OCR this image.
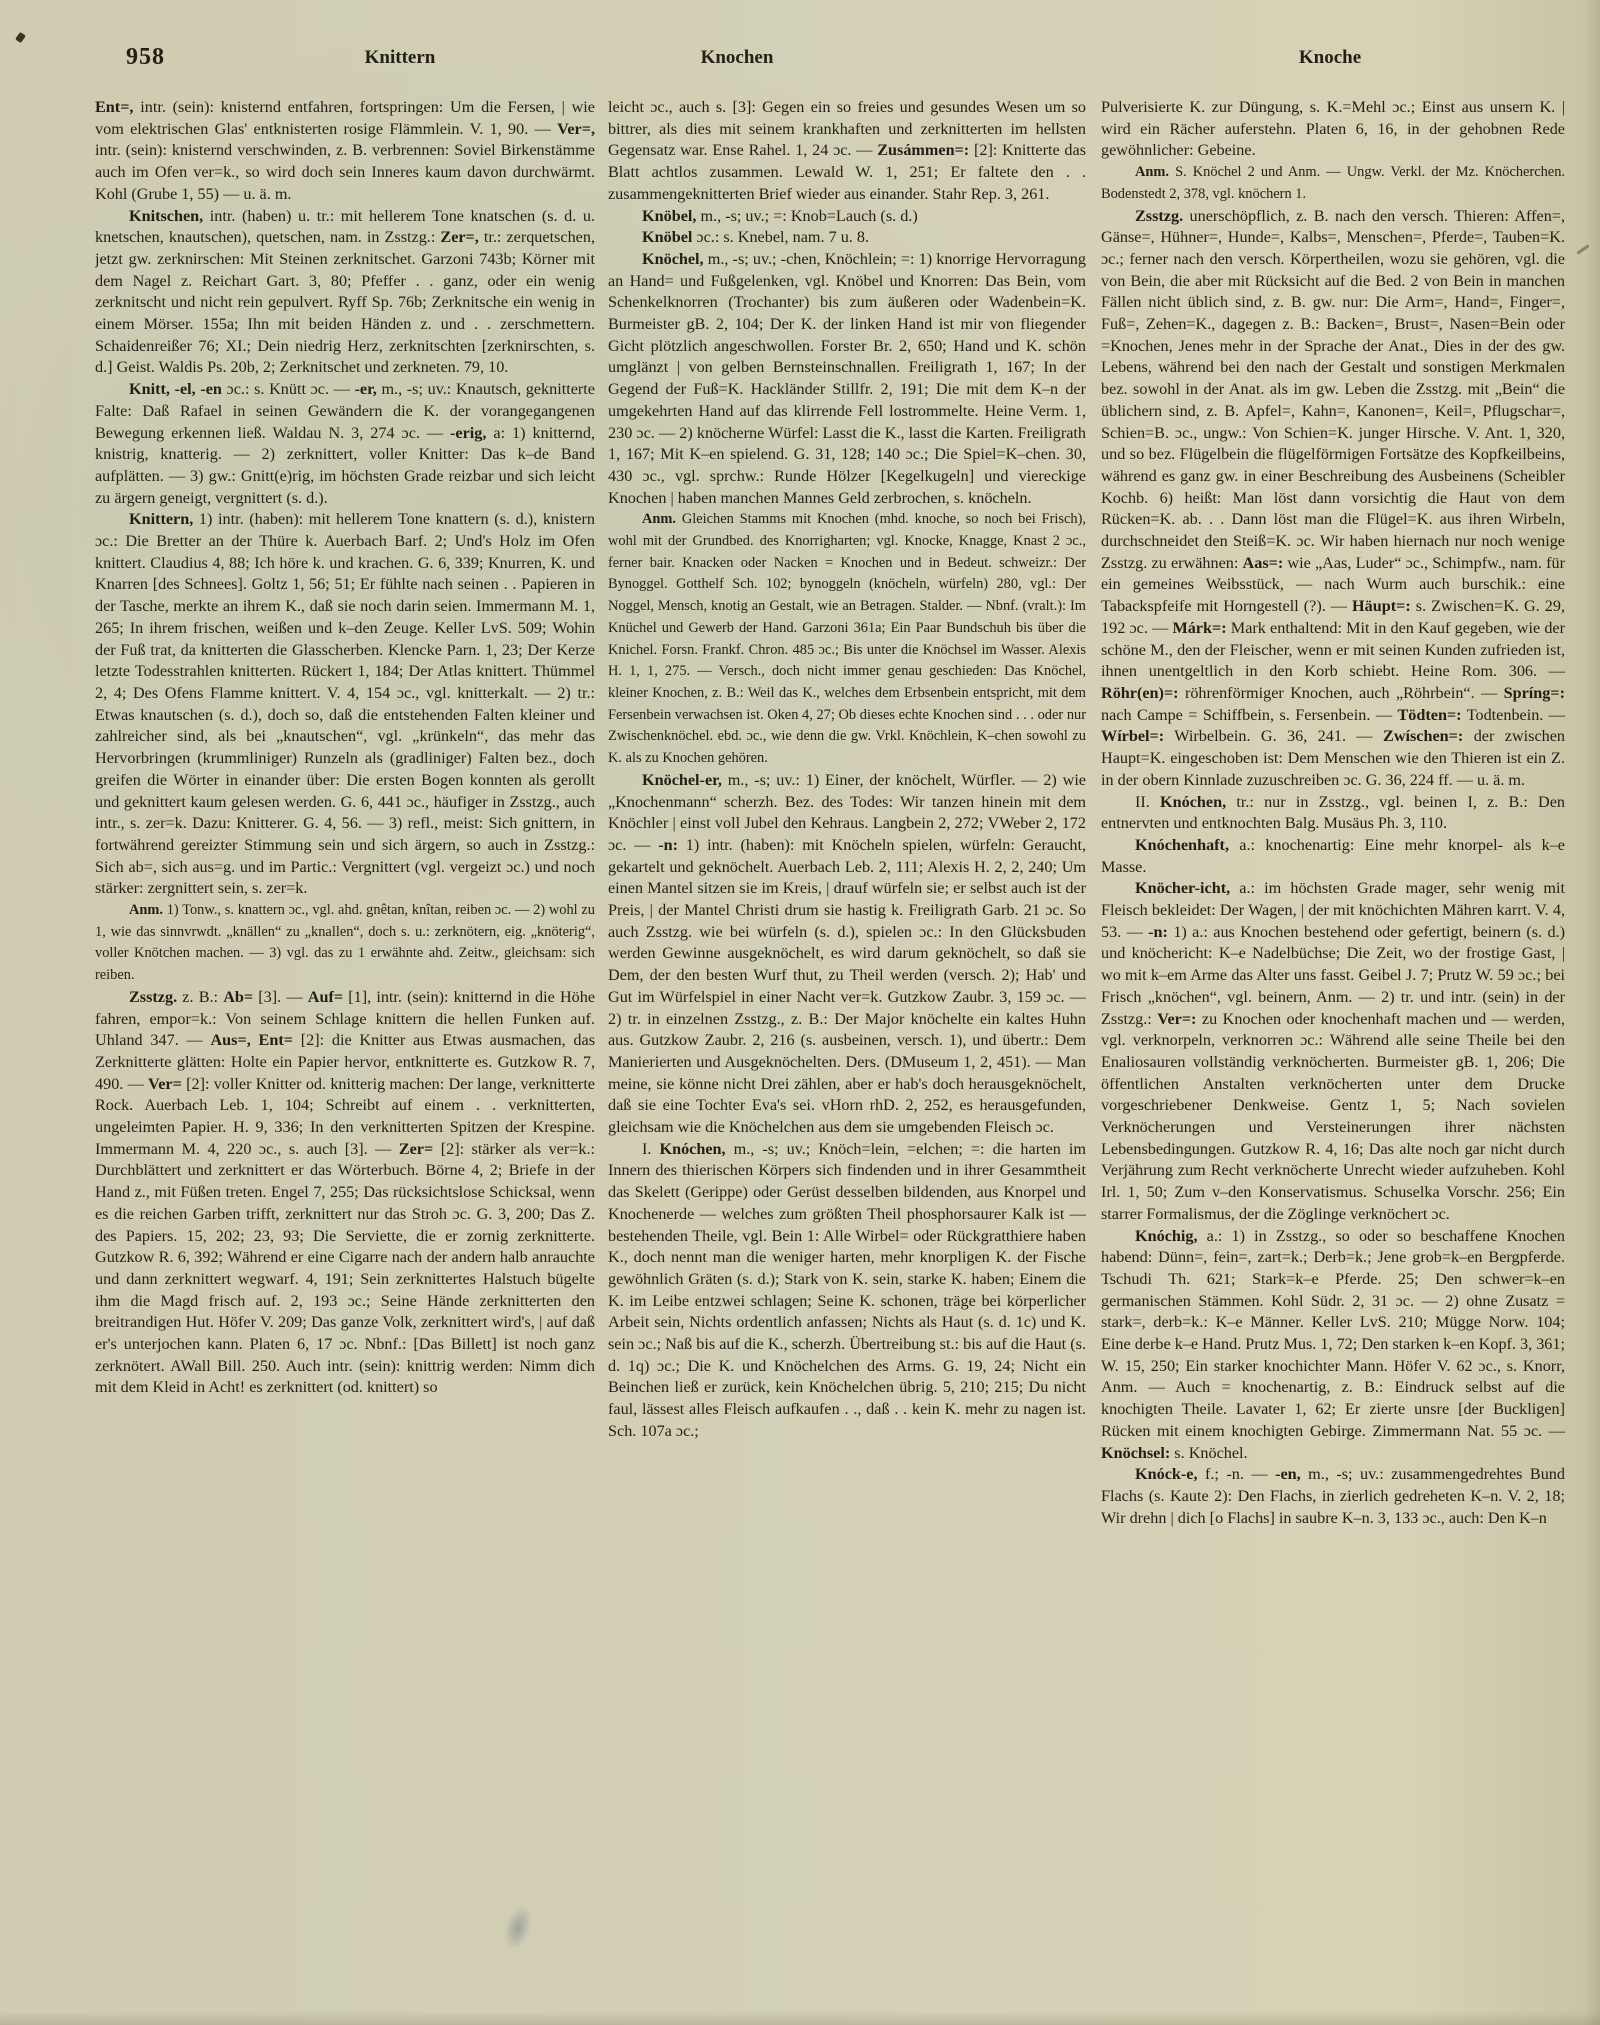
958	Knittern	Knochen	Knoche
Ent=, intr. (sein): knisternd entfahren, fortspringen: Um die Fersen, | wie vom elektrischen Glas' entknisterten rosige Flämmlein. V. 1, 90. — Ver=, intr. (sein): knisternd verschwinden, z. B. verbrennen: Soviel Birkenstämme auch im Ofen ver=k., so wird doch sein Inneres kaum davon durchwärmt. Kohl (Grube 1, 55) — u. ä. m.
Knitschen, intr. (haben) u. tr.: mit hellerem Tone knatschen (s. d. u. knetschen, knautschen), quetschen, nam. in Zsstzg.: Zer=, tr.: zerquetschen, jetzt gw. zerknirschen: Mit Steinen zerknitschet. Garzoni 743b; Körner mit dem Nagel z. Reichart Gart. 3, 80; Pfeffer . . ganz, oder ein wenig zerknitscht und nicht rein gepulvert. Ryff Sp. 76b; Zerknitsche ein wenig in einem Mörser. 155a; Ihn mit beiden Händen z. und . . zerschmettern. Schaidenreißer 76; XI.; Dein niedrig Herz, zerknitschten [zerknirschten, s. d.] Geist. Waldis Ps. 20b, 2; Zerknitschet und zerkneten. 79, 10.
Knitt, -el, -en ɔc.: s. Knütt ɔc. — -er, m., -s; uv.: Knautsch, geknitterte Falte: Daß Rafael in seinen Gewändern die K. der vorangegangenen Bewegung erkennen ließ. Waldau N. 3, 274 ɔc. — -erig, a: 1) knitternd, knistrig, knatterig. — 2) zerknittert, voller Knitter: Das k–de Band aufplätten. — 3) gw.: Gnitt(e)rig, im höchsten Grade reizbar und sich leicht zu ärgern geneigt, vergnittert (s. d.).
Knittern, 1) intr. (haben): mit hellerem Tone knattern (s. d.), knistern ɔc.: Die Bretter an der Thüre k. Auerbach Barf. 2; Und's Holz im Ofen knittert. Claudius 4, 88; Ich höre k. und krachen. G. 6, 339; Knurren, K. und Knarren [des Schnees]. Goltz 1, 56; 51; Er fühlte nach seinen . . Papieren in der Tasche, merkte an ihrem K., daß sie noch darin seien. Immermann M. 1, 265; In ihrem frischen, weißen und k–den Zeuge. Keller LvS. 509; Wohin der Fuß trat, da knitterten die Glasscherben. Klencke Parn. 1, 23; Der Kerze letzte Todesstrahlen knitterten. Rückert 1, 184; Der Atlas knittert. Thümmel 2, 4; Des Ofens Flamme knittert. V. 4, 154 ɔc., vgl. knitterkalt. — 2) tr.: Etwas knautschen (s. d.), doch so, daß die entstehenden Falten kleiner und zahlreicher sind, als bei „knautschen“, vgl. „krünkeln“, das mehr das Hervorbringen (krummliniger) Runzeln als (gradliniger) Falten bez., doch greifen die Wörter in einander über: Die ersten Bogen konnten als gerollt und geknittert kaum gelesen werden. G. 6, 441 ɔc., häufiger in Zsstzg., auch intr., s. zer=k. Dazu: Knitterer. G. 4, 56. — 3) refl., meist: Sich gnittern, in fortwährend gereizter Stimmung sein und sich ärgern, so auch in Zsstzg.: Sich ab=, sich aus=g. und im Partic.: Vergnittert (vgl. vergeizt ɔc.) und noch stärker: zergnittert sein, s. zer=k.
Anm. 1) Tonw., s. knattern ɔc., vgl. ahd. gnêtan, knîtan, reiben ɔc. — 2) wohl zu 1, wie das sinnvrwdt. „knällen“ zu „knallen“, doch s. u.: zerknötern, eig. „knöterig“, voller Knötchen machen. — 3) vgl. das zu 1 erwähnte ahd. Zeitw., gleichsam: sich reiben.
Zsstzg. z. B.: Ab= [3]. — Auf= [1], intr. (sein): knitternd in die Höhe fahren, empor=k.: Von seinem Schlage knittern die hellen Funken auf. Uhland 347. — Aus=, Ent= [2]: die Knitter aus Etwas ausmachen, das Zerknitterte glätten: Holte ein Papier hervor, entknitterte es. Gutzkow R. 7, 490. — Ver= [2]: voller Knitter od. knitterig machen: Der lange, verknitterte Rock. Auerbach Leb. 1, 104; Schreibt auf einem . . verknitterten, ungeleimten Papier. H. 9, 336; In den verknitterten Spitzen der Krespine. Immermann M. 4, 220 ɔc., s. auch [3]. — Zer= [2]: stärker als ver=k.: Durchblättert und zerknittert er das Wörterbuch. Börne 4, 2; Briefe in der Hand z., mit Füßen treten. Engel 7, 255; Das rücksichtslose Schicksal, wenn es die reichen Garben trifft, zerknittert nur das Stroh ɔc. G. 3, 200; Das Z. des Papiers. 15, 202; 23, 93; Die Serviette, die er zornig zerknitterte. Gutzkow R. 6, 392; Während er eine Cigarre nach der andern halb anrauchte und dann zerknittert wegwarf. 4, 191; Sein zerknittertes Halstuch bügelte ihm die Magd frisch auf. 2, 193 ɔc.; Seine Hände zerknitterten den breitrandigen Hut. Höfer V. 209; Das ganze Volk, zerknittert wird's, | auf daß er's unterjochen kann. Platen 6, 17 ɔc. Nbnf.: [Das Billett] ist noch ganz zerknötert. AWall Bill. 250. Auch intr. (sein): knittrig werden: Nimm dich mit dem Kleid in Acht! es zerknittert (od. knittert) so
leicht ɔc., auch s. [3]: Gegen ein so freies und gesundes Wesen um so bittrer, als dies mit seinem krankhaften und zerknitterten im hellsten Gegensatz war. Ense Rahel. 1, 24 ɔc. — Zusámmen=: [2]: Knitterte das Blatt achtlos zusammen. Lewald W. 1, 251; Er faltete den . . zusammengeknitterten Brief wieder aus einander. Stahr Rep. 3, 261.
Knöbel, m., -s; uv.; =: Knob=Lauch (s. d.)
Knöbel ɔc.: s. Knebel, nam. 7 u. 8.
Knöchel, m., -s; uv.; -chen, Knöchlein; =: 1) knorrige Hervorragung an Hand= und Fußgelenken, vgl. Knöbel und Knorren: Das Bein, vom Schenkelknorren (Trochanter) bis zum äußeren oder Wadenbein=K. Burmeister gB. 2, 104; Der K. der linken Hand ist mir von fliegender Gicht plötzlich angeschwollen. Forster Br. 2, 650; Hand und K. schön umglänzt | von gelben Bernsteinschnallen. Freiligrath 1, 167; In der Gegend der Fuß=K. Hackländer Stillfr. 2, 191; Die mit dem K–n der umgekehrten Hand auf das klirrende Fell lostrommelte. Heine Verm. 1, 230 ɔc. — 2) knöcherne Würfel: Lasst die K., lasst die Karten. Freiligrath 1, 167; Mit K–en spielend. G. 31, 128; 140 ɔc.; Die Spiel=K–chen. 30, 430 ɔc., vgl. sprchw.: Runde Hölzer [Kegelkugeln] und viereckige Knochen | haben manchen Mannes Geld zerbrochen, s. knöcheln.
Anm. Gleichen Stamms mit Knochen (mhd. knoche, so noch bei Frisch), wohl mit der Grundbed. des Knorrigharten; vgl. Knocke, Knagge, Knast 2 ɔc., ferner bair. Knacken oder Nacken = Knochen und in Bedeut. schweizr.: Der Bynoggel. Gotthelf Sch. 102; bynoggeln (knöcheln, würfeln) 280, vgl.: Der Noggel, Mensch, knotig an Gestalt, wie an Betragen. Stalder. — Nbnf. (vralt.): Im Knüchel und Gewerb der Hand. Garzoni 361a; Ein Paar Bundschuh bis über die Knichel. Forsn. Frankf. Chron. 485 ɔc.; Bis unter die Knöchsel im Wasser. Alexis H. 1, 1, 275. — Versch., doch nicht immer genau geschieden: Das Knöchel, kleiner Knochen, z. B.: Weil das K., welches dem Erbsenbein entspricht, mit dem Fersenbein verwachsen ist. Oken 4, 27; Ob dieses echte Knochen sind . . . oder nur Zwischenknöchel. ebd. ɔc., wie denn die gw. Vrkl. Knöchlein, K–chen sowohl zu K. als zu Knochen gehören.
Knöchel-er, m., -s; uv.: 1) Einer, der knöchelt, Würfler. — 2) wie „Knochenmann“ scherzh. Bez. des Todes: Wir tanzen hinein mit dem Knöchler | einst voll Jubel den Kehraus. Langbein 2, 272; VWeber 2, 172 ɔc. — -n: 1) intr. (haben): mit Knöcheln spielen, würfeln: Geraucht, gekartelt und geknöchelt. Auerbach Leb. 2, 111; Alexis H. 2, 2, 240; Um einen Mantel sitzen sie im Kreis, | drauf würfeln sie; er selbst auch ist der Preis, | der Mantel Christi drum sie hastig k. Freiligrath Garb. 21 ɔc. So auch Zsstzg. wie bei würfeln (s. d.), spielen ɔc.: In den Glücksbuden werden Gewinne ausgeknöchelt, es wird darum geknöchelt, so daß sie Dem, der den besten Wurf thut, zu Theil werden (versch. 2); Hab' und Gut im Würfelspiel in einer Nacht ver=k. Gutzkow Zaubr. 3, 159 ɔc. — 2) tr. in einzelnen Zsstzg., z. B.: Der Major knöchelte ein kaltes Huhn aus. Gutzkow Zaubr. 2, 216 (s. ausbeinen, versch. 1), und übertr.: Dem Manierierten und Ausgeknöchelten. Ders. (DMuseum 1, 2, 451). — Man meine, sie könne nicht Drei zählen, aber er hab's doch herausgeknöchelt, daß sie eine Tochter Eva's sei. vHorn rhD. 2, 252, es herausgefunden, gleichsam wie die Knöchelchen aus dem sie umgebenden Fleisch ɔc.
I. Knóchen, m., -s; uv.; Knöch=lein, =elchen; =: die harten im Innern des thierischen Körpers sich findenden und in ihrer Gesammtheit das Skelett (Gerippe) oder Gerüst desselben bildenden, aus Knorpel und Knochenerde — welches zum größten Theil phosphorsaurer Kalk ist — bestehenden Theile, vgl. Bein 1: Alle Wirbel= oder Rückgratthiere haben K., doch nennt man die weniger harten, mehr knorpligen K. der Fische gewöhnlich Gräten (s. d.); Stark von K. sein, starke K. haben; Einem die K. im Leibe entzwei schlagen; Seine K. schonen, träge bei körperlicher Arbeit sein, Nichts ordentlich anfassen; Nichts als Haut (s. d. 1c) und K. sein ɔc.; Naß bis auf die K., scherzh. Übertreibung st.: bis auf die Haut (s. d. 1q) ɔc.; Die K. und Knöchelchen des Arms. G. 19, 24; Nicht ein Beinchen ließ er zurück, kein Knöchelchen übrig. 5, 210; 215; Du nicht faul, lässest alles Fleisch aufkaufen . ., daß . . kein K. mehr zu nagen ist. Sch. 107a ɔc.;
Pulverisierte K. zur Düngung, s. K.=Mehl ɔc.; Einst aus unsern K. | wird ein Rächer auferstehn. Platen 6, 16, in der gehobnen Rede gewöhnlicher: Gebeine.
Anm. S. Knöchel 2 und Anm. — Ungw. Verkl. der Mz. Knöcherchen. Bodenstedt 2, 378, vgl. knöchern 1.
Zsstzg. unerschöpflich, z. B. nach den versch. Thieren: Affen=, Gänse=, Hühner=, Hunde=, Kalbs=, Menschen=, Pferde=, Tauben=K. ɔc.; ferner nach den versch. Körpertheilen, wozu sie gehören, vgl. die von Bein, die aber mit Rücksicht auf die Bed. 2 von Bein in manchen Fällen nicht üblich sind, z. B. gw. nur: Die Arm=, Hand=, Finger=, Fuß=, Zehen=K., dagegen z. B.: Backen=, Brust=, Nasen=Bein oder =Knochen, Jenes mehr in der Sprache der Anat., Dies in der des gw. Lebens, während bei den nach der Gestalt und sonstigen Merkmalen bez. sowohl in der Anat. als im gw. Leben die Zsstzg. mit „Bein“ die üblichern sind, z. B. Apfel=, Kahn=, Kanonen=, Keil=, Pflugschar=, Schien=B. ɔc., ungw.: Von Schien=K. junger Hirsche. V. Ant. 1, 320, und so bez. Flügelbein die flügelförmigen Fortsätze des Kopfkeilbeins, während es ganz gw. in einer Beschreibung des Ausbeinens (Scheibler Kochb. 6) heißt: Man löst dann vorsichtig die Haut von dem Rücken=K. ab. . . Dann löst man die Flügel=K. aus ihren Wirbeln, durchschneidet den Steiß=K. ɔc. Wir haben hiernach nur noch wenige Zsstzg. zu erwähnen: Aas=: wie „Aas, Luder“ ɔc., Schimpfw., nam. für ein gemeines Weibsstück, — nach Wurm auch burschik.: eine Tabackspfeife mit Horngestell (?). — Häupt=: s. Zwischen=K. G. 29, 192 ɔc. — Márk=: Mark enthaltend: Mit in den Kauf gegeben, wie der schöne M., den der Fleischer, wenn er mit seinen Kunden zufrieden ist, ihnen unentgeltlich in den Korb schiebt. Heine Rom. 306. — Röhr(en)=: röhrenförmiger Knochen, auch „Röhrbein“. — Spríng=: nach Campe = Schiffbein, s. Fersenbein. — Tödten=: Todtenbein. — Wírbel=: Wirbelbein. G. 36, 241. — Zwíschen=: der zwischen Haupt=K. eingeschoben ist: Dem Menschen wie den Thieren ist ein Z. in der obern Kinnlade zuzuschreiben ɔc. G. 36, 224 ff. — u. ä. m.
II. Knóchen, tr.: nur in Zsstzg., vgl. beinen I, z. B.: Den entnervten und entknochten Balg. Musäus Ph. 3, 110.
Knóchenhaft, a.: knochenartig: Eine mehr knorpel- als k–e Masse.
Knöcher-icht, a.: im höchsten Grade mager, sehr wenig mit Fleisch bekleidet: Der Wagen, | der mit knöchichten Mähren karrt. V. 4, 53. — -n: 1) a.: aus Knochen bestehend oder gefertigt, beinern (s. d.) und knöchericht: K–e Nadelbüchse; Die Zeit, wo der frostige Gast, | wo mit k–em Arme das Alter uns fasst. Geibel J. 7; Prutz W. 59 ɔc.; bei Frisch „knöchen“, vgl. beinern, Anm. — 2) tr. und intr. (sein) in der Zsstzg.: Ver=: zu Knochen oder knochenhaft machen und — werden, vgl. verknorpeln, verknorren ɔc.: Während alle seine Theile bei den Enaliosauren vollständig verknöcherten. Burmeister gB. 1, 206; Die öffentlichen Anstalten verknöcherten unter dem Drucke vorgeschriebener Denkweise. Gentz 1, 5; Nach sovielen Verknöcherungen und Versteinerungen ihrer nächsten Lebensbedingungen. Gutzkow R. 4, 16; Das alte noch gar nicht durch Verjährung zum Recht verknöcherte Unrecht wieder aufzuheben. Kohl Irl. 1, 50; Zum v–den Konservatismus. Schuselka Vorschr. 256; Ein starrer Formalismus, der die Zöglinge verknöchert ɔc.
Knóchig, a.: 1) in Zsstzg., so oder so beschaffene Knochen habend: Dünn=, fein=, zart=k.; Derb=k.; Jene grob=k–en Bergpferde. Tschudi Th. 621; Stark=k–e Pferde. 25; Den schwer=k–en germanischen Stämmen. Kohl Südr. 2, 31 ɔc. — 2) ohne Zusatz = stark=, derb=k.: K–e Männer. Keller LvS. 210; Mügge Norw. 104; Eine derbe k–e Hand. Prutz Mus. 1, 72; Den starken k–en Kopf. 3, 361; W. 15, 250; Ein starker knochichter Mann. Höfer V. 62 ɔc., s. Knorr, Anm. — Auch = knochenartig, z. B.: Eindruck selbst auf die knochigten Theile. Lavater 1, 62; Er zierte unsre [der Buckligen] Rücken mit einem knochigten Gebirge. Zimmermann Nat. 55 ɔc. — Knöchsel: s. Knöchel.
Knóck-e, f.; -n. — -en, m., -s; uv.: zusammengedrehtes Bund Flachs (s. Kaute 2): Den Flachs, in zierlich gedreheten K–n. V. 2, 18; Wir drehn | dich [o Flachs] in saubre K–n. 3, 133 ɔc., auch: Den K–n
